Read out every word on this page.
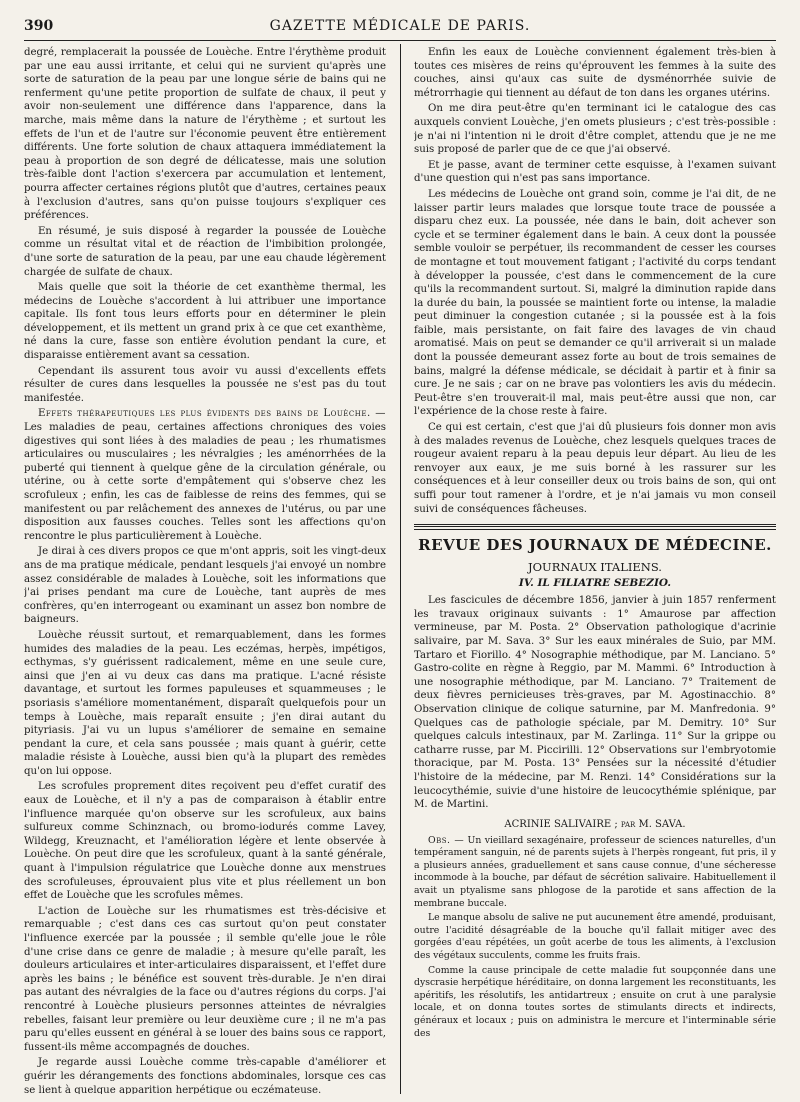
390	GAZETTE MÉDICALE DE PARIS.

degré, remplacerait la poussée de Louèche. Entre l'érythème produit par une eau aussi irritante, et celui qui ne survient qu'après une sorte de saturation de la peau par une longue série de bains qui ne renferment qu'une petite proportion de sulfate de chaux, il peut y avoir non-seulement une différence dans l'apparence, dans la marche, mais même dans la nature de l'érythème ; et surtout les effets de l'un et de l'autre sur l'économie peuvent être entièrement différents. Une forte solution de chaux attaquera immédiatement la peau à proportion de son degré de délicatesse, mais une solution très-faible dont l'action s'exercera par accumulation et lentement, pourra affecter certaines régions plutôt que d'autres, certaines peaux à l'exclusion d'autres, sans qu'on puisse toujours s'expliquer ces préférences.

En résumé, je suis disposé à regarder la poussée de Louèche comme un résultat vital et de réaction de l'imbibition prolongée, d'une sorte de saturation de la peau, par une eau chaude légèrement chargée de sulfate de chaux.

Mais quelle que soit la théorie de cet exanthème thermal, les médecins de Louèche s'accordent à lui attribuer une importance capitale. Ils font tous leurs efforts pour en déterminer le plein développement, et ils mettent un grand prix à ce que cet exanthème, né dans la cure, fasse son entière évolution pendant la cure, et disparaisse entièrement avant sa cessation.

Cependant ils assurent tous avoir vu aussi d'excellents effets résulter de cures dans lesquelles la poussée ne s'est pas du tout manifestée.

Effets thérapeutiques les plus évidents des bains de Louèche. — Les maladies de peau, certaines affections chroniques des voies digestives qui sont liées à des maladies de peau ; les rhumatismes articulaires ou musculaires ; les névralgies ; les aménorrhées de la puberté qui tiennent à quelque gêne de la circulation générale, ou utérine, ou à cette sorte d'empâtement qui s'observe chez les scrofuleux ; enfin, les cas de faiblesse de reins des femmes, qui se manifestent ou par relâchement des annexes de l'utérus, ou par une disposition aux fausses couches. Telles sont les affections qu'on rencontre le plus particulièrement à Louèche.

Je dirai à ces divers propos ce que m'ont appris, soit les vingt-deux ans de ma pratique médicale, pendant lesquels j'ai envoyé un nombre assez considérable de malades à Louèche, soit les informations que j'ai prises pendant ma cure de Louèche, tant auprès de mes confrères, qu'en interrogeant ou examinant un assez bon nombre de baigneurs.

Louèche réussit surtout, et remarquablement, dans les formes humides des maladies de la peau. Les eczémas, herpès, impétigos, ecthymas, s'y guérissent radicalement, même en une seule cure, ainsi que j'en ai vu deux cas dans ma pratique. L'acné résiste davantage, et surtout les formes papuleuses et squammeuses ; le psoriasis s'améliore momentanément, disparaît quelquefois pour un temps à Louèche, mais reparaît ensuite ; j'en dirai autant du pityriasis. J'ai vu un lupus s'améliorer de semaine en semaine pendant la cure, et cela sans poussée ; mais quant à guérir, cette maladie résiste à Louèche, aussi bien qu'à la plupart des remèdes qu'on lui oppose.

Les scrofules proprement dites reçoivent peu d'effet curatif des eaux de Louèche, et il n'y a pas de comparaison à établir entre l'influence marquée qu'on observe sur les scrofuleux, aux bains sulfureux comme Schinznach, ou bromo-iodurés comme Lavey, Wildegg, Kreuznacht, et l'amélioration légère et lente observée à Louèche. On peut dire que les scrofuleux, quant à la santé générale, quant à l'impulsion régulatrice que Louèche donne aux menstrues des scrofuleuses, éprouvaient plus vite et plus réellement un bon effet de Louèche que les scrofules mêmes.

L'action de Louèche sur les rhumatismes est très-décisive et remarquable ; c'est dans ces cas surtout qu'on peut constater l'influence exercée par la poussée ; il semble qu'elle joue le rôle d'une crise dans ce genre de maladie ; à mesure qu'elle paraît, les douleurs articulaires et inter-articulaires disparaissent, et l'effet dure après les bains ; le bénéfice est souvent très-durable. Je n'en dirai pas autant des névralgies de la face ou d'autres régions du corps. J'ai rencontré à Louèche plusieurs personnes atteintes de névralgies rebelles, faisant leur première ou leur deuxième cure ; il ne m'a pas paru qu'elles eussent en général à se louer des bains sous ce rapport, fussent-ils même accompagnés de douches.

Je regarde aussi Louèche comme très-capable d'améliorer et guérir les dérangements des fonctions abdominales, lorsque ces cas se lient à quelque apparition herpétique ou eczémateuse.

Enfin les eaux de Louèche conviennent également très-bien à toutes ces misères de reins qu'éprouvent les femmes à la suite des couches, ainsi qu'aux cas suite de dysménorrhée suivie de métrorrhagie qui tiennent au défaut de ton dans les organes utérins.

On me dira peut-être qu'en terminant ici le catalogue des cas auxquels convient Louèche, j'en omets plusieurs ; c'est très-possible : je n'ai ni l'intention ni le droit d'être complet, attendu que je ne me suis proposé de parler que de ce que j'ai observé.

Et je passe, avant de terminer cette esquisse, à l'examen suivant d'une question qui n'est pas sans importance.

Les médecins de Louèche ont grand soin, comme je l'ai dit, de ne laisser partir leurs malades que lorsque toute trace de poussée a disparu chez eux. La poussée, née dans le bain, doit achever son cycle et se terminer également dans le bain. A ceux dont la poussée semble vouloir se perpétuer, ils recommandent de cesser les courses de montagne et tout mouvement fatigant ; l'activité du corps tendant à développer la poussée, c'est dans le commencement de la cure qu'ils la recommandent surtout. Si, malgré la diminution rapide dans la durée du bain, la poussée se maintient forte ou intense, la maladie peut diminuer la congestion cutanée ; si la poussée est à la fois faible, mais persistante, on fait faire des lavages de vin chaud aromatisé. Mais on peut se demander ce qu'il arriverait si un malade dont la poussée demeurant assez forte au bout de trois semaines de bains, malgré la défense médicale, se décidait à partir et à finir sa cure. Je ne sais ; car on ne brave pas volontiers les avis du médecin. Peut-être s'en trouverait-il mal, mais peut-être aussi que non, car l'expérience de la chose reste à faire.

Ce qui est certain, c'est que j'ai dû plusieurs fois donner mon avis à des malades revenus de Louèche, chez lesquels quelques traces de rougeur avaient reparu à la peau depuis leur départ. Au lieu de les renvoyer aux eaux, je me suis borné à les rassurer sur les conséquences et à leur conseiller deux ou trois bains de son, qui ont suffi pour tout ramener à l'ordre, et je n'ai jamais vu mon conseil suivi de conséquences fâcheuses.

REVUE DES JOURNAUX DE MÉDECINE.
JOURNAUX ITALIENS.
IV. IL FILIATRE SEBEZIO.

Les fascicules de décembre 1856, janvier à juin 1857 renferment les travaux originaux suivants : 1° Amaurose par affection vermineuse, par M. Posta. 2° Observation pathologique d'acrinie salivaire, par M. Sava. 3° Sur les eaux minérales de Suio, par MM. Tartaro et Fiorillo. 4° Nosographie méthodique, par M. Lanciano. 5° Gastro-colite en règne à Reggio, par M. Mammi. 6° Introduction à une nosographie méthodique, par M. Lanciano. 7° Traitement de deux fièvres pernicieuses très-graves, par M. Agostinacchio. 8° Observation clinique de colique saturnine, par M. Manfredonia. 9° Quelques cas de pathologie spéciale, par M. Demitry. 10° Sur quelques calculs intestinaux, par M. Zarlinga. 11° Sur la grippe ou catharre russe, par M. Piccirilli. 12° Observations sur l'embryotomie thoracique, par M. Posta. 13° Pensées sur la nécessité d'étudier l'histoire de la médecine, par M. Renzi. 14° Considérations sur la leucocythémie, suivie d'une histoire de leucocythémie splénique, par M. de Martini.

ACRINIE SALIVAIRE ; par M. SAVA.

Obs. — Un vieillard sexagénaire, professeur de sciences naturelles, d'un tempérament sanguin, né de parents sujets à l'herpès rongeant, fut pris, il y a plusieurs années, graduellement et sans cause connue, d'une sécheresse incommode à la bouche, par défaut de sécrétion salivaire. Habituellement il avait un ptyalisme sans phlogose de la parotide et sans affection de la membrane buccale.

Le manque absolu de salive ne put aucunement être amendé, produisant, outre l'acidité désagréable de la bouche qu'il fallait mitiger avec des gorgées d'eau répétées, un goût acerbe de tous les aliments, à l'exclusion des végétaux succulents, comme les fruits frais.

Comme la cause principale de cette maladie fut soupçonnée dans une dyscrasie herpétique héréditaire, on donna largement les reconstituants, les apéritifs, les résolutifs, les antidartreux ; ensuite on crut à une paralysie locale, et on donna toutes sortes de stimulants directs et indirects, généraux et locaux ; puis on administra le mercure et l'interminable série des
